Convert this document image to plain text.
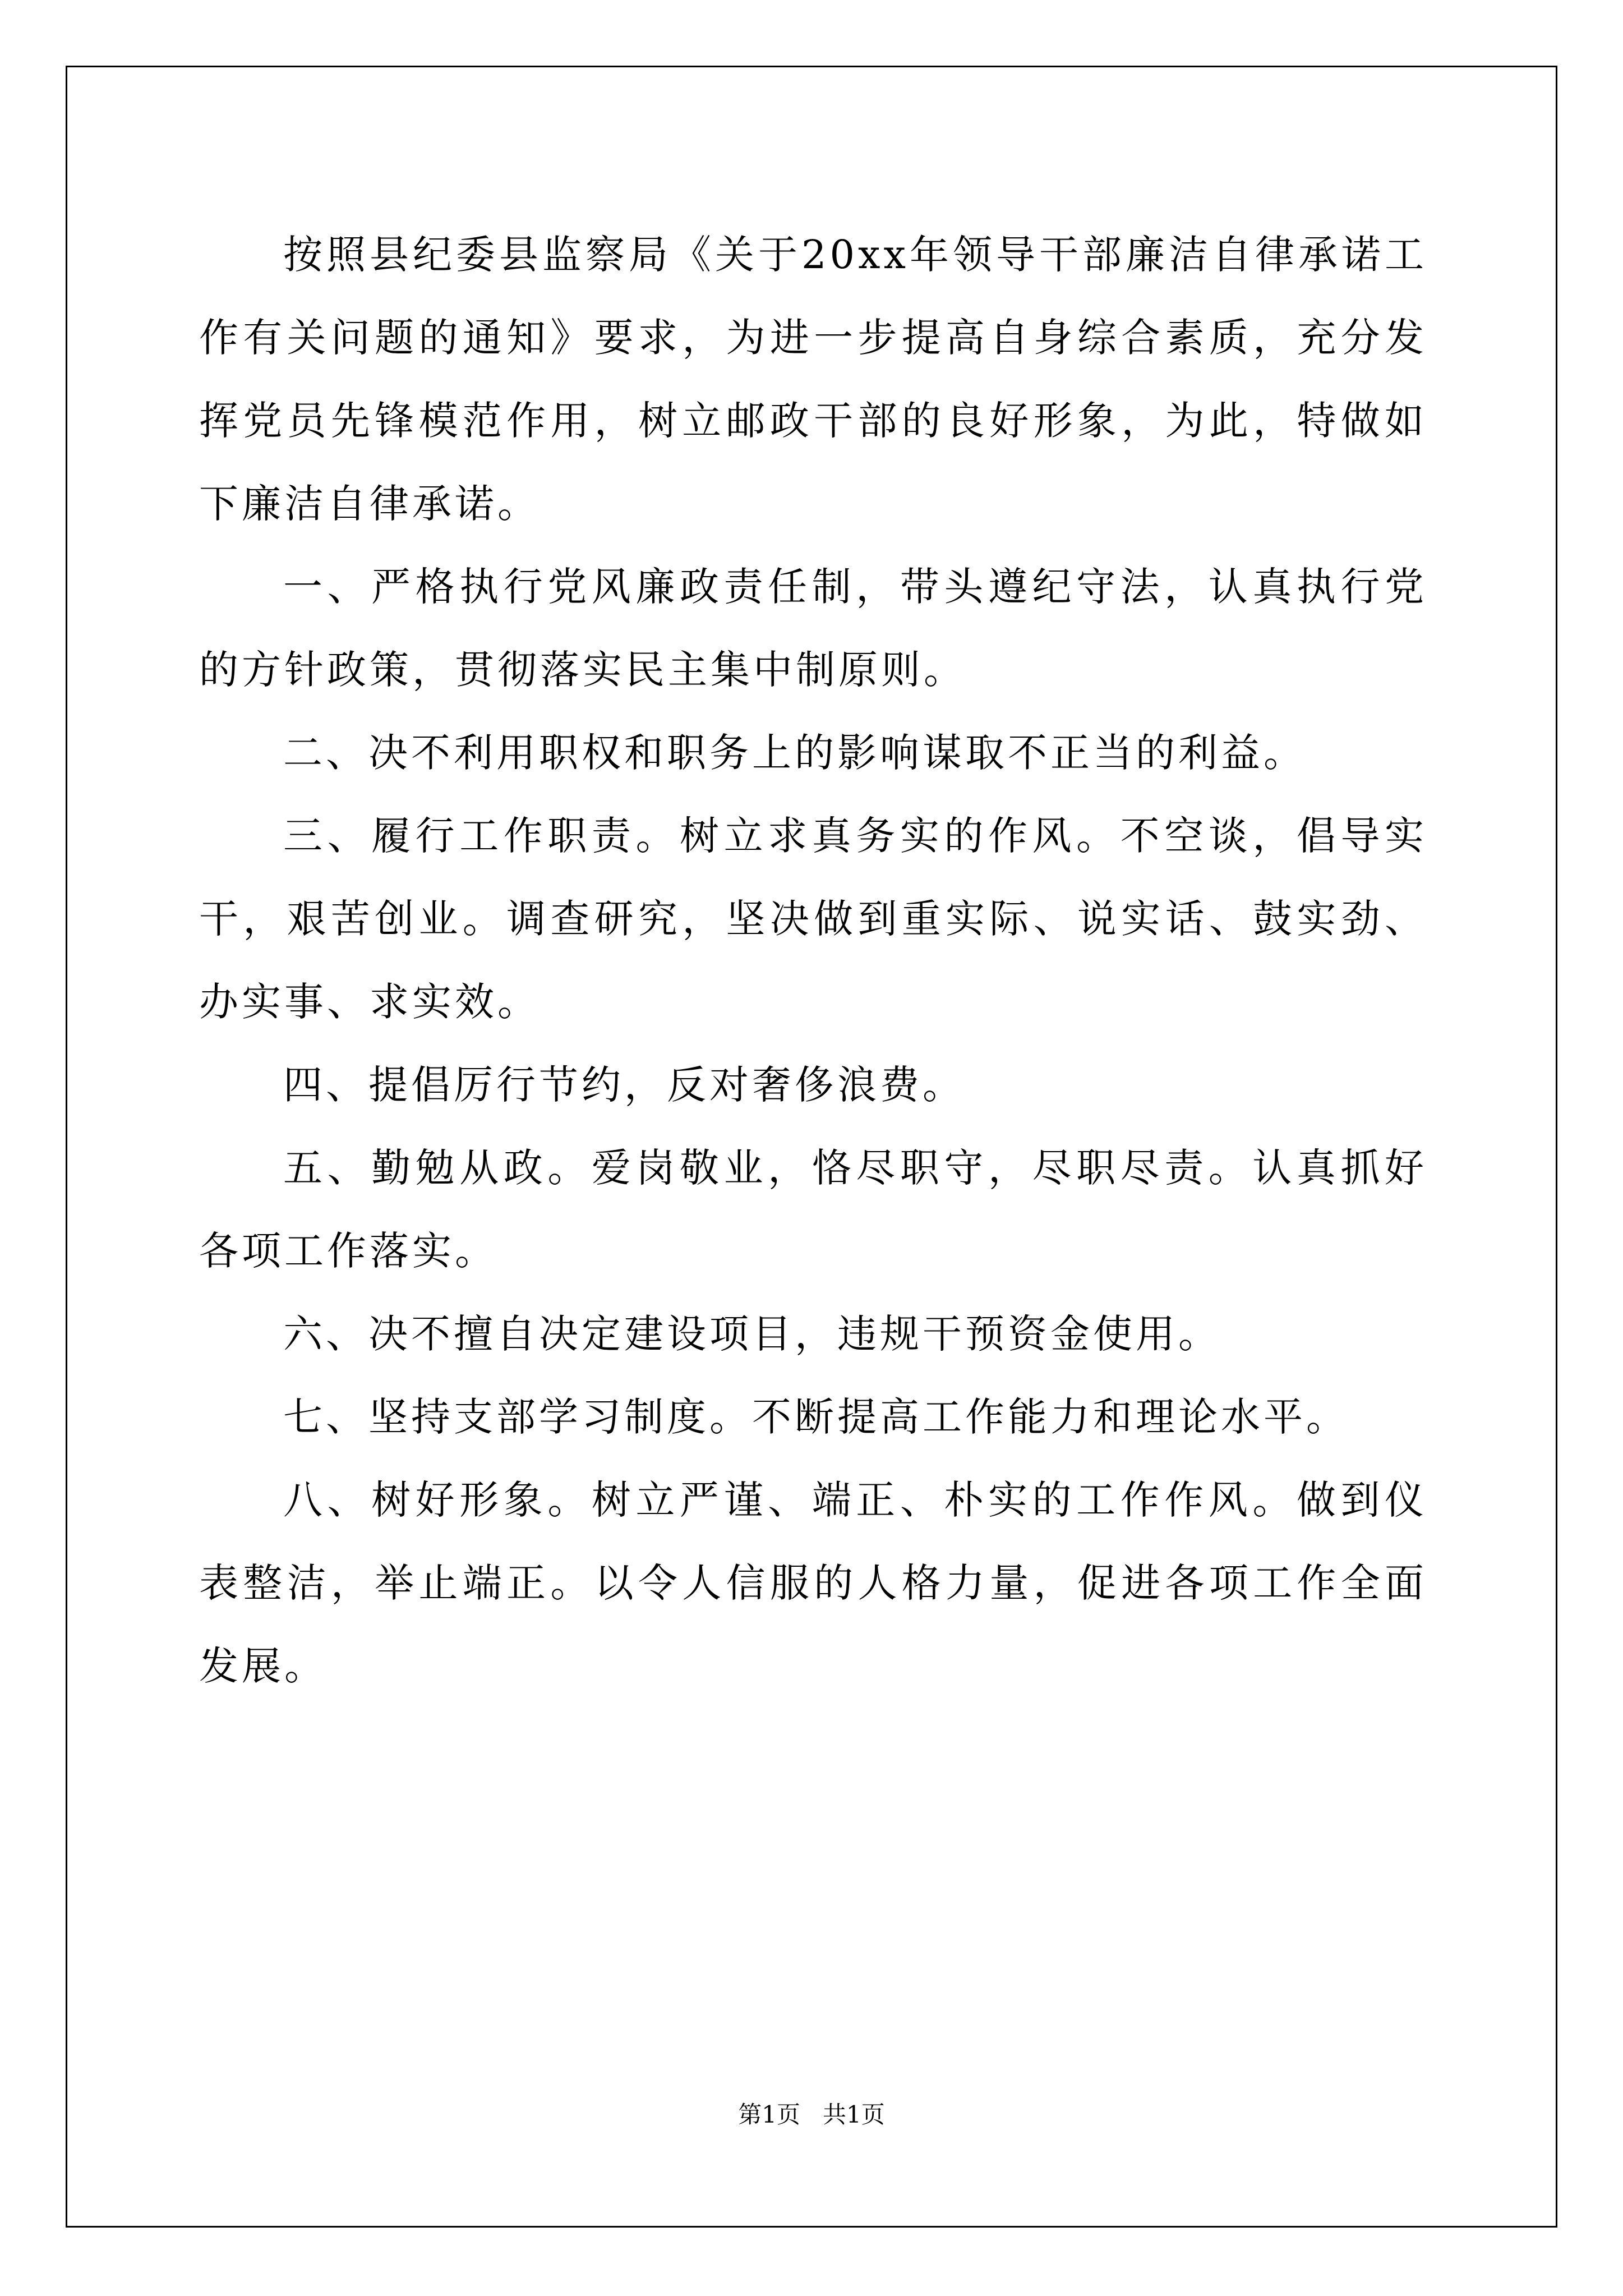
按照县纪委县监察局《关于20xx年领导干部廉洁自律承诺工作有关问题的通知》要求，为进一步提高自身综合素质，充分发挥党员先锋模范作用，树立邮政干部的良好形象，为此，特做如下廉洁自律承诺。

一、严格执行党风廉政责任制，带头遵纪守法，认真执行党的方针政策，贯彻落实民主集中制原则。

二、决不利用职权和职务上的影响谋取不正当的利益。

三、履行工作职责。树立求真务实的作风。不空谈，倡导实干，艰苦创业。调查研究，坚决做到重实际、说实话、鼓实劲、办实事、求实效。

四、提倡厉行节约，反对奢侈浪费。

五、勤勉从政。爱岗敬业，恪尽职守，尽职尽责。认真抓好各项工作落实。

六、决不擅自决定建设项目，违规干预资金使用。

七、坚持支部学习制度。不断提高工作能力和理论水平。

八、树好形象。树立严谨、端正、朴实的工作作风。做到仪表整洁，举止端正。以令人信服的人格力量，促进各项工作全面发展。

第1页 共1页
